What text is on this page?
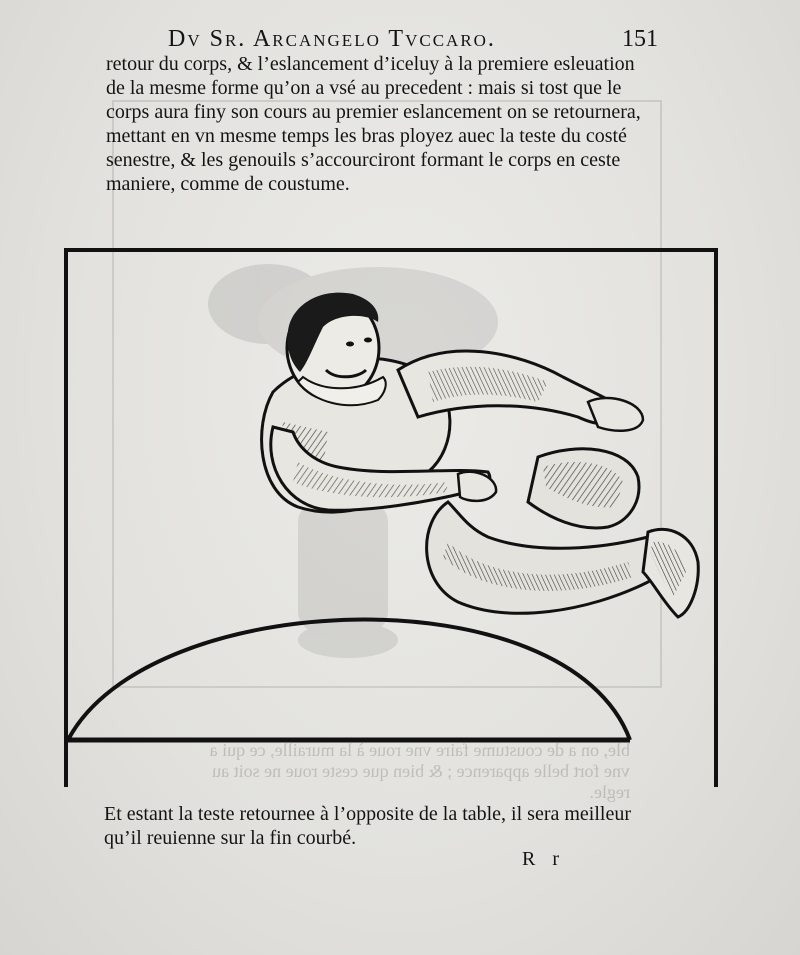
ble, on a de coustume faire vne roue à la muraille, ce qui a
vne fort belle apparence ; & bien que ceste roue ne soit au
regle.
Dv Sr. Arcangelo Tvccaro.	151

retour du corps, & l’eslancement d’iceluy à la premiere esleuation de la mesme forme qu’on a vsé au precedent : mais si tost que le corps aura finy son cours au premier eslancement on se retournera, mettant en vn mesme temps les bras ployez auec la teste du costé senestre, & les genouils s’accourciront formant le corps en ceste maniere, comme de coustume.

Et estant la teste retournee à l’opposite de la table, il sera meilleur qu’il reuienne sur la fin courbé.

R r
